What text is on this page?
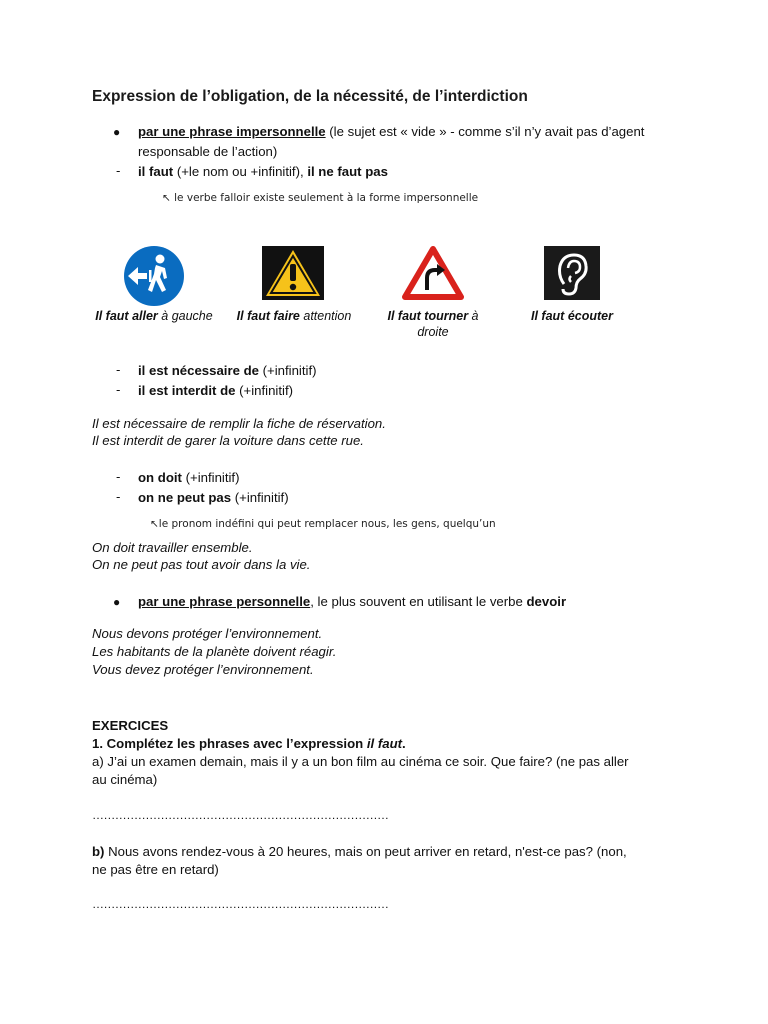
Expression de l’obligation, de la nécessité, de l’interdiction
● par une phrase impersonnelle (le sujet est « vide » - comme s’il n’y avait pas d’agent
responsable de l’action)
- il faut (+le nom ou +infinitif), il ne faut pas
↖ le verbe falloir existe seulement à la forme impersonnelle
Il faut aller à gauche	Il faut faire attention	Il faut tourner à
droite
Il faut écouter
- il est nécessaire de (+infinitif)
- il est interdit de (+infinitif)
Il est nécessaire de remplir la fiche de réservation.
Il est interdit de garer la voiture dans cette rue.
- on doit (+infinitif)
- on ne peut pas (+infinitif)
↖le pronom indéfini qui peut remplacer nous, les gens, quelqu’un
On doit travailler ensemble.
On ne peut pas tout avoir dans la vie.
● par une phrase personnelle, le plus souvent en utilisant le verbe devoir
Nous devons protéger l’environnement.
Les habitants de la planète doivent réagir.
Vous devez protéger l’environnement.
EXERCICES
1. Complétez les phrases avec l’expression il faut.
a) J’ai un examen demain, mais il y a un bon film au cinéma ce soir. Que faire? (ne pas aller
au cinéma)
……………………………………………………………………
b) Nous avons rendez-vous à 20 heures, mais on peut arriver en retard, n'est-ce pas? (non,
ne pas être en retard)
……………………………………………………………………
